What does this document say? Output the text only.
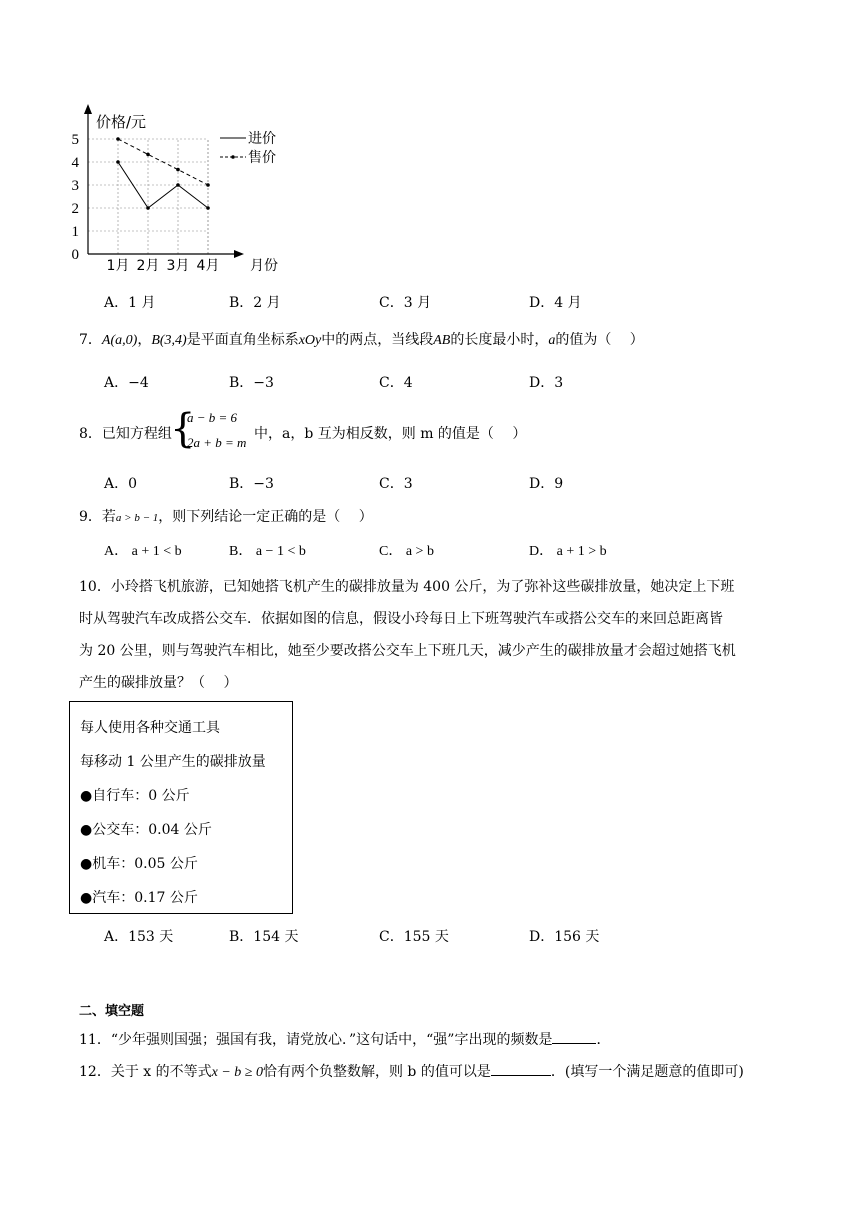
0
1
2
3
4
5
价格/元
1月 2月 3月 4月 月份
进价
售价
A．1 月	B．2 月	C．3 月	D．4 月
7．A(a,0)，B(3,4)是平面直角坐标系xOy中的两点，当线段AB的长度最小时，a的值为（　 ）
A．−4	B．−3	C．4	D．3
8．已知方程组
{
a − b = 6
2a + b = m
中，a，b 互为相反数，则 m 的值是（　 ）
A．0	B．−3	C．3	D．9
9．若a > b − 1，则下列结论一定正确的是（　 ）
A． a + 1 < b	B． a − 1 < b	C． a > b	D． a + 1 > b
10．小玲搭飞机旅游，已知她搭飞机产生的碳排放量为 400 公斤，为了弥补这些碳排放量，她决定上下班
时从驾驶汽车改成搭公交车．依据如图的信息，假设小玲每日上下班驾驶汽车或搭公交车的来回总距离皆
为 20 公里，则与驾驶汽车相比，她至少要改搭公交车上下班几天，减少产生的碳排放量才会超过她搭飞机
产生的碳排放量？（　 ）
每人使用各种交通工具
每移动 1 公里产生的碳排放量
●自行车：0 公斤
●公交车：0.04 公斤
●机车：0.05 公斤
●汽车：0.17 公斤
A．153 天	B．154 天	C．155 天	D．156 天
二、填空题
11．“少年强则国强；强国有我，请党放心．”这句话中，“强”字出现的频数是	．
12．关于 x 的不等式x − b ≥ 0恰有两个负整数解，则 b 的值可以是	．(填写一个满足题意的值即可)
